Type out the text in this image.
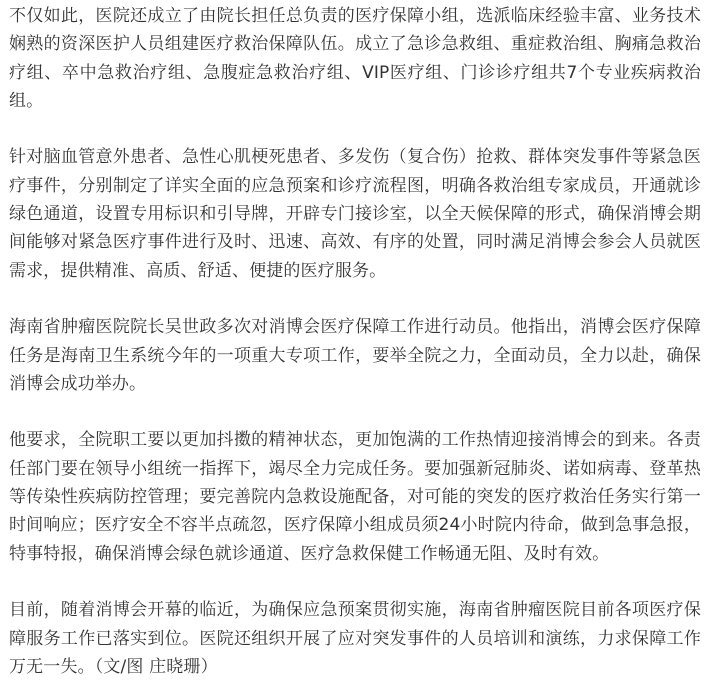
不仅如此，医院还成立了由院长担任总负责的医疗保障小组，选派临床经验丰富、业务技术娴熟的资深医护人员组建医疗救治保障队伍。成立了急诊急救组、重症救治组、胸痛急救治疗组、卒中急救治疗组、急腹症急救治疗组、VIP医疗组、门诊诊疗组共7个专业疾病救治组。

针对脑血管意外患者、急性心肌梗死患者、多发伤（复合伤）抢救、群体突发事件等紧急医疗事件，分别制定了详实全面的应急预案和诊疗流程图，明确各救治组专家成员，开通就诊绿色通道，设置专用标识和引导牌，开辟专门接诊室，以全天候保障的形式，确保消博会期间能够对紧急医疗事件进行及时、迅速、高效、有序的处置，同时满足消博会参会人员就医需求，提供精准、高质、舒适、便捷的医疗服务。

海南省肿瘤医院院长吴世政多次对消博会医疗保障工作进行动员。他指出，消博会医疗保障任务是海南卫生系统今年的一项重大专项工作，要举全院之力，全面动员，全力以赴，确保消博会成功举办。

他要求，全院职工要以更加抖擞的精神状态，更加饱满的工作热情迎接消博会的到来。各责任部门要在领导小组统一指挥下，竭尽全力完成任务。要加强新冠肺炎、诺如病毒、登革热等传染性疾病防控管理；要完善院内急救设施配备，对可能的突发的医疗救治任务实行第一时间响应；医疗安全不容半点疏忽，医疗保障小组成员须24小时院内待命，做到急事急报，特事特报，确保消博会绿色就诊通道、医疗急救保健工作畅通无阻、及时有效。

目前，随着消博会开幕的临近，为确保应急预案贯彻实施，海南省肿瘤医院目前各项医疗保障服务工作已落实到位。医院还组织开展了应对突发事件的人员培训和演练，力求保障工作万无一失。（文/图 庄晓珊）
